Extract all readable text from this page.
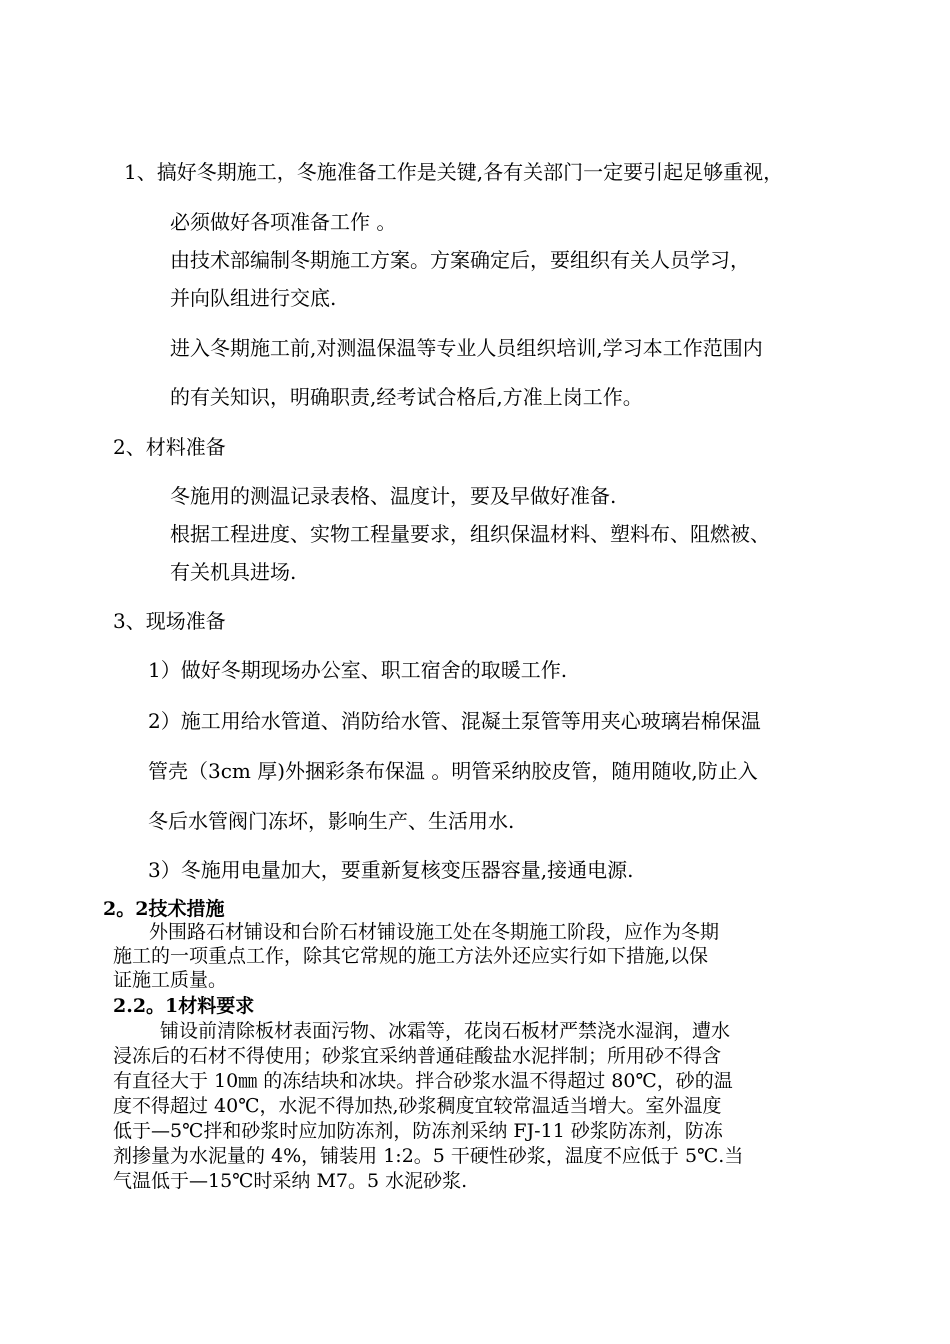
1、搞好冬期施工，冬施准备工作是关键,各有关部门一定要引起足够重视，
必须做好各项准备工作 。
由技术部编制冬期施工方案。方案确定后，要组织有关人员学习，
并向队组进行交底.
进入冬期施工前,对测温保温等专业人员组织培训,学习本工作范围内
的有关知识，明确职责,经考试合格后,方准上岗工作。
2、材料准备
冬施用的测温记录表格、温度计，要及早做好准备.
根据工程进度、实物工程量要求，组织保温材料、塑料布、阻燃被、
有关机具进场.
3、现场准备
1）做好冬期现场办公室、职工宿舍的取暖工作.
2）施工用给水管道、消防给水管、混凝土泵管等用夹心玻璃岩棉保温
管壳（3cm 厚)外捆彩条布保温 。明管采纳胶皮管，随用随收,防止入
冬后水管阀门冻坏，影响生产、生活用水.
3）冬施用电量加大，要重新复核变压器容量,接通电源.
2。2技术措施
外围路石材铺设和台阶石材铺设施工处在冬期施工阶段，应作为冬期
施工的一项重点工作，除其它常规的施工方法外还应实行如下措施,以保
证施工质量。
2.2。1材料要求
铺设前清除板材表面污物、冰霜等，花岗石板材严禁浇水湿润，遭水
浸冻后的石材不得使用；砂浆宜采纳普通硅酸盐水泥拌制；所用砂不得含
有直径大于 10㎜ 的冻结块和冰块。拌合砂浆水温不得超过 80℃，砂的温
度不得超过 40℃，水泥不得加热,砂浆稠度宜较常温适当增大。室外温度
低于—5℃拌和砂浆时应加防冻剂，防冻剂采纳 FJ-11 砂浆防冻剂，防冻
剂掺量为水泥量的 4%，铺装用 1:2。5 干硬性砂浆，温度不应低于 5℃.当
气温低于—15℃时采纳 M7。5 水泥砂浆.
